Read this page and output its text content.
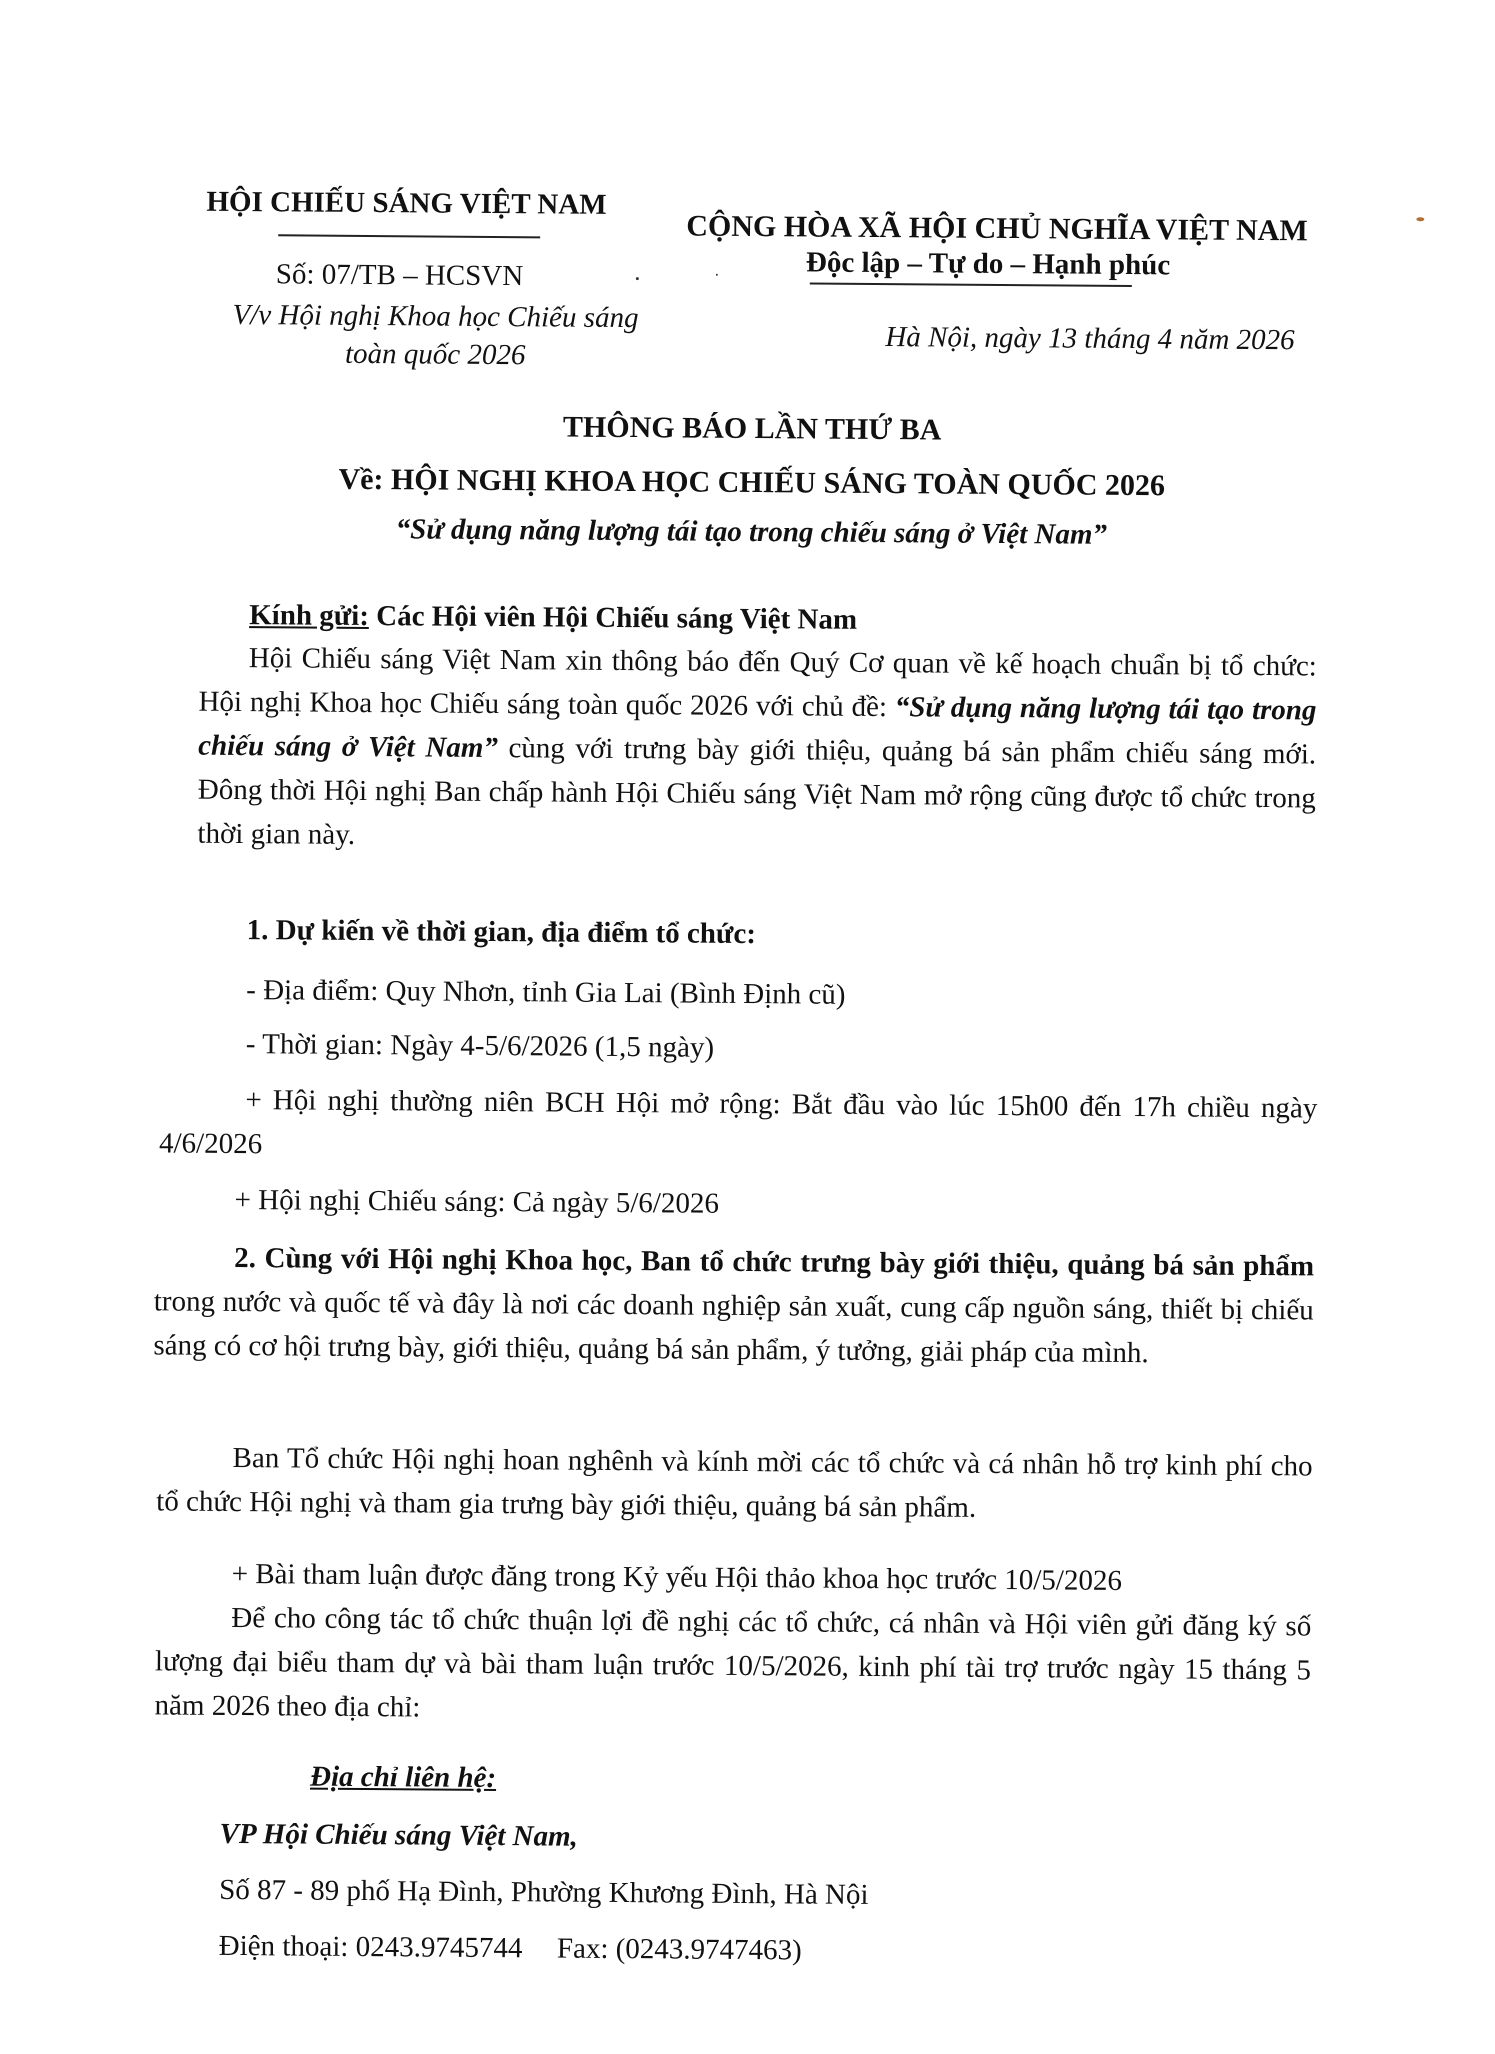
HỘI CHIẾU SÁNG VIỆT NAM
Số: 07/TB – HCSVN
V/v Hội nghị Khoa học Chiếu sáng toàn quốc 2026
CỘNG HÒA XÃ HỘI CHỦ NGHĨA VIỆT NAM
Độc lập – Tự do – Hạnh phúc
Hà Nội, ngày 13 tháng 4 năm 2026
THÔNG BÁO LẦN THỨ BA
Về: HỘI NGHỊ KHOA HỌC CHIẾU SÁNG TOÀN QUỐC 2026
“Sử dụng năng lượng tái tạo trong chiếu sáng ở Việt Nam”
Kính gửi: Các Hội viên Hội Chiếu sáng Việt Nam
Hội Chiếu sáng Việt Nam xin thông báo đến Quý Cơ quan về kế hoạch chuẩn bị tổ chức: Hội nghị Khoa học Chiếu sáng toàn quốc 2026 với chủ đề: “Sử dụng năng lượng tái tạo trong chiếu sáng ở Việt Nam” cùng với trưng bày giới thiệu, quảng bá sản phẩm chiếu sáng mới. Đông thời Hội nghị Ban chấp hành Hội Chiếu sáng Việt Nam mở rộng cũng được tổ chức trong thời gian này.
1. Dự kiến về thời gian, địa điểm tổ chức:
- Địa điểm: Quy Nhơn, tỉnh Gia Lai (Bình Định cũ)
- Thời gian: Ngày 4-5/6/2026 (1,5 ngày)
+ Hội nghị thường niên BCH Hội mở rộng: Bắt đầu vào lúc 15h00 đến 17h chiều ngày 4/6/2026
+ Hội nghị Chiếu sáng: Cả ngày 5/6/2026
2. Cùng với Hội nghị Khoa học, Ban tổ chức trưng bày giới thiệu, quảng bá sản phẩm trong nước và quốc tế và đây là nơi các doanh nghiệp sản xuất, cung cấp nguồn sáng, thiết bị chiếu sáng có cơ hội trưng bày, giới thiệu, quảng bá sản phẩm, ý tưởng, giải pháp của mình.
Ban Tổ chức Hội nghị hoan nghênh và kính mời các tổ chức và cá nhân hỗ trợ kinh phí cho tổ chức Hội nghị và tham gia trưng bày giới thiệu, quảng bá sản phẩm.
+ Bài tham luận được đăng trong Kỷ yếu Hội thảo khoa học trước 10/5/2026
Để cho công tác tổ chức thuận lợi đề nghị các tổ chức, cá nhân và Hội viên gửi đăng ký số lượng đại biểu tham dự và bài tham luận trước 10/5/2026, kinh phí tài trợ trước ngày 15 tháng 5 năm 2026 theo địa chỉ:
Địa chỉ liên hệ:
VP Hội Chiếu sáng Việt Nam,
Số 87 - 89 phố Hạ Đình, Phường Khương Đình, Hà Nội
Điện thoại: 0243.9745744 Fax: (0243.9747463)
